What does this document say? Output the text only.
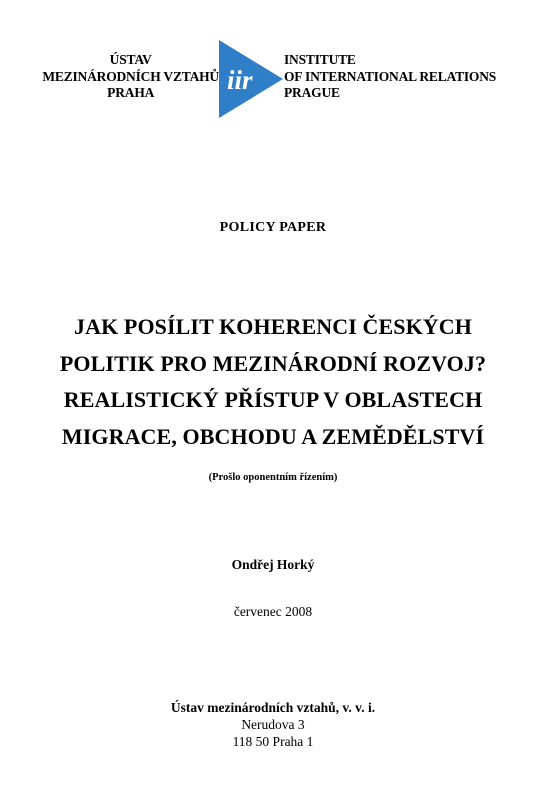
ÚSTAV
MEZINÁRODNÍCH VZTAHŮ
PRAHA	iir
INSTITUTE
OF INTERNATIONAL RELATIONS
PRAGUE
POLICY PAPER
JAK POSÍLIT KOHERENCI ČESKÝCH
POLITIK PRO MEZINÁRODNÍ ROZVOJ?
REALISTICKÝ PŘÍSTUP V OBLASTECH
MIGRACE, OBCHODU A ZEMĚDĚLSTVÍ
(Prošlo oponentním řízením)
Ondřej Horký
červenec 2008
Ústav mezinárodních vztahů, v. v. i.
Nerudova 3
118 50 Praha 1
